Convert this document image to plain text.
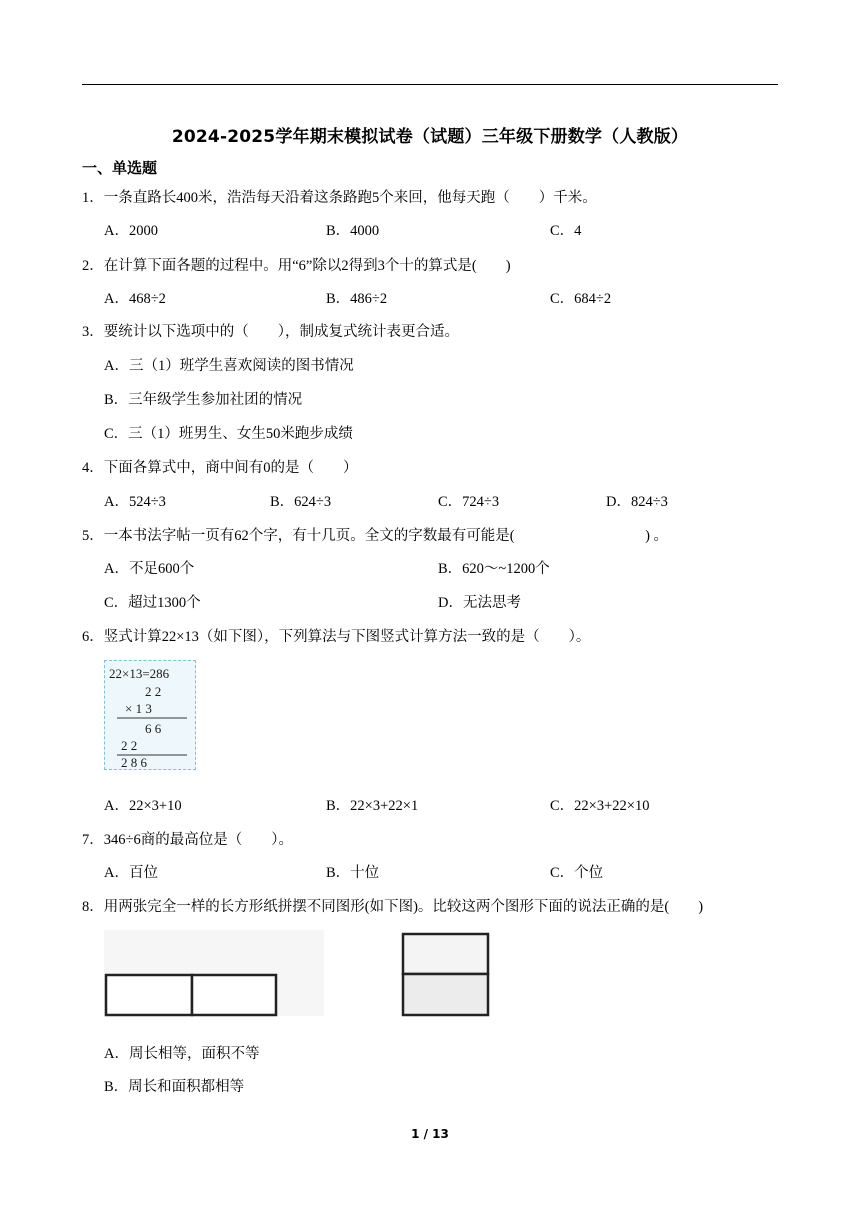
2024-2025学年期末模拟试卷（试题）三年级下册数学（人教版）
一、单选题
1．一条直路长400米，浩浩每天沿着这条路跑5个来回，他每天跑（　　）千米。
A．2000	B．4000	C．4
2．在计算下面各题的过程中。用“6”除以2得到3个十的算式是(　　)
A．468÷2	B．486÷2	C．684÷2
3．要统计以下选项中的（　　），制成复式统计表更合适。
A．三（1）班学生喜欢阅读的图书情况
B．三年级学生参加社团的情况
C．三（1）班男生、女生50米跑步成绩
4．下面各算式中，商中间有0的是（　　）
A．524÷3	B．624÷3	C．724÷3	D．824÷3
5．一本书法字帖一页有62个字，有十几页。全文的字数最有可能是(　　　　　　　　　) 。
A．不足600个	B．620～~1200个
C．超过1300个	D．无法思考
6．竖式计算22×13（如下图），下列算法与下图竖式计算方法一致的是（　　）。
22×13=286
2 2
× 1 3
6 6
2 2
2 8 6
A．22×3+10	B．22×3+22×1	C．22×3+22×10
7．346÷6商的最高位是（　　）。
A．百位	B．十位	C．个位
8．用两张完全一样的长方形纸拼摆不同图形(如下图)。比较这两个图形下面的说法正确的是(　　)
A．周长相等，面积不等
B．周长和面积都相等
1 / 13
